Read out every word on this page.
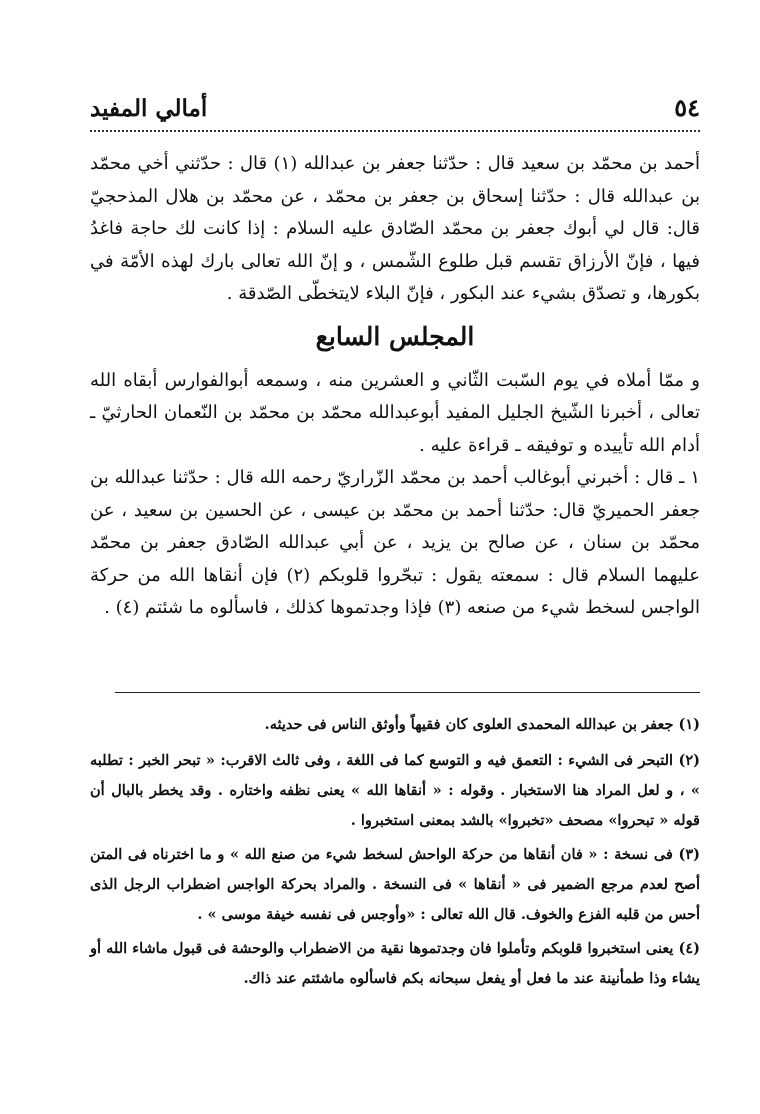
٥٤
أمالي المفيد

أحمد بن محمّد بن سعيد قال : حدّثنا جعفر بن عبدالله (١) قال : حدّثني أخي محمّد بن عبدالله قال : حدّثنا إسحاق بن جعفر بن محمّد ، عن محمّد بن هلال المذحجيّ قال: قال لي أبوك جعفر بن محمّد الصّادق عليه السلام : إذا كانت لك حاجة فاغدُ فيها ، فإنّ الأرزاق تقسم قبل طلوع الشّمس ، و إنّ الله تعالى بارك لهذه الأمّة في بكورها، و تصدّق بشيء عند البكور ، فإنّ البلاء لايتخطّى الصّدقة .

المجلس السابع

و ممّا أملاه في يوم السّبت الثّاني و العشرين منه ، وسمعه أبوالفوارس أبقاه الله تعالى ، أخبرنا الشّيخ الجليل المفيد أبوعبدالله محمّد بن محمّد بن النّعمان الحارثيّ ـ أدام الله تأييده و توفيقه ـ قراءة عليه .

١ ـ قال : أخبرني أبوغالب أحمد بن محمّد الزّراريّ رحمه الله قال : حدّثنا عبدالله بن جعفر الحميريّ قال: حدّثنا أحمد بن محمّد بن عيسى ، عن الحسين بن سعيد ، عن محمّد بن سنان ، عن صالح بن يزيد ، عن أبي عبدالله الصّادق جعفر بن محمّد عليهما السلام قال : سمعته يقول : تبحّروا قلوبكم (٢) فإن أنقاها الله من حركة الواجس لسخط شيء من صنعه (٣) فإذا وجدتموها كذلك ، فاسألوه ما شئتم (٤) .

(١) جعفر بن عبدالله المحمدى العلوى كان فقيهاً وأوثق الناس فى حديثه.

(٢) التبحر فى الشيء : التعمق فيه و التوسع كما فى اللغة ، وفى ثالث الاقرب: « تبحر الخبر : تطلبه » ، و لعل المراد هنا الاستخبار . وقوله : « أنقاها الله » يعنى نظفه واختاره . وقد يخطر بالبال أن قوله « تبحروا» مصحف «تخبروا» بالشد بمعنى استخبروا .

(٣) فى نسخة : « فان أنقاها من حركة الواحش لسخط شيء من صنع الله » و ما اخترناه فى المتن أصح لعدم مرجع الضمير فى « أنقاها » فى النسخة . والمراد بحركة الواجس اضطراب الرجل الذى أحس من قلبه الفزع والخوف. قال الله تعالى : «وأوجس فى نفسه خيفة موسى » .

(٤) يعنى استخبروا قلوبكم وتأملوا فان وجدتموها نقية من الاضطراب والوحشة فى قبول ماشاء الله أو يشاء وذا طمأنينة عند ما فعل أو يفعل سبحانه بكم فاسألوه ماشئتم عند ذاك.
